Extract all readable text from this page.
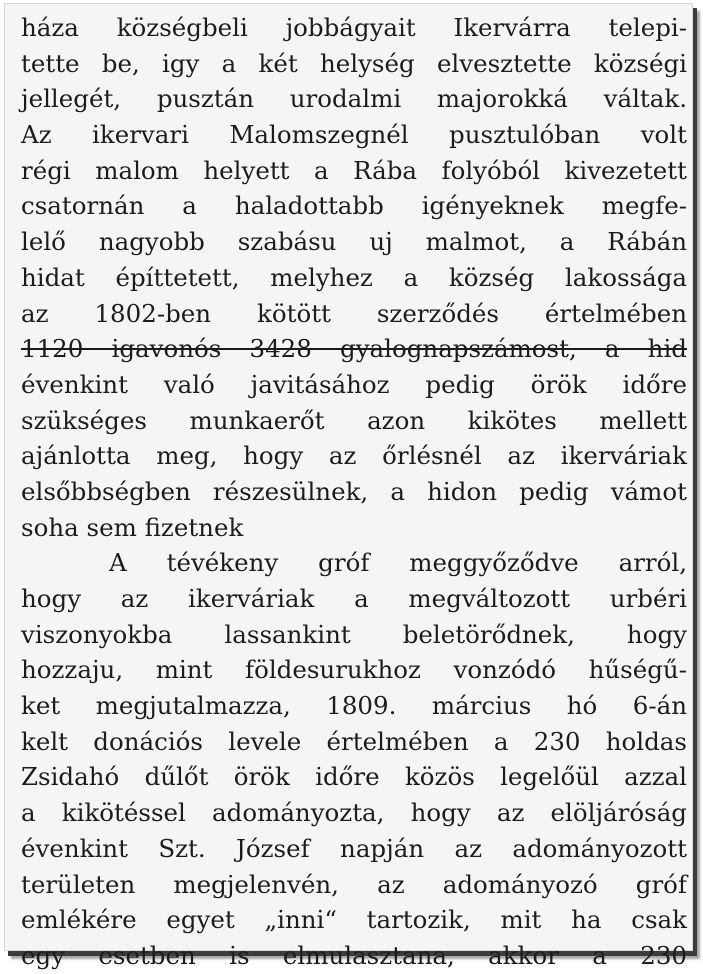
háza községbeli jobbágyait Ikervárra telepi-
tette be, igy a két helység elvesztette községi
jellegét, pusztán urodalmi majorokká váltak.
Az ikervari Malomszegnél pusztulóban volt
régi malom helyett a Rába folyóból kivezetett
csatornán a haladottabb igényeknek megfe-
lelő nagyobb szabásu uj malmot, a Rábán
hidat építtetett, melyhez a község lakossága
az 1802-ben kötött szerződés értelmében
1120 igavonós 3428 gyalognapszámost, a hid
évenkint való javitásához pedig örök időre
szükséges munkaerőt azon kikötes mellett
ajánlotta meg, hogy az őrlésnél az ikerváriak
elsőbbségben részesülnek, a hidon pedig vámot
soha sem fizetnek
A tévékeny gróf meggyőződve arról,
hogy az ikerváriak a megváltozott urbéri
viszonyokba lassankint beletörődnek, hogy
hozzaju, mint földesurukhoz vonzódó hűségű-
ket megjutalmazza, 1809. március hó 6-án
kelt donációs levele értelmében a 230 holdas
Zsidahó dűlőt örök időre közös legelőül azzal
a kikötéssel adományozta, hogy az elöljáróság
évenkint Szt. József napján az adományozott
területen megjelenvén, az adományozó gróf
emlékére egyet „inni“ tartozik, mit ha csak
egy esetben is elmulasztana, akkor a 230
